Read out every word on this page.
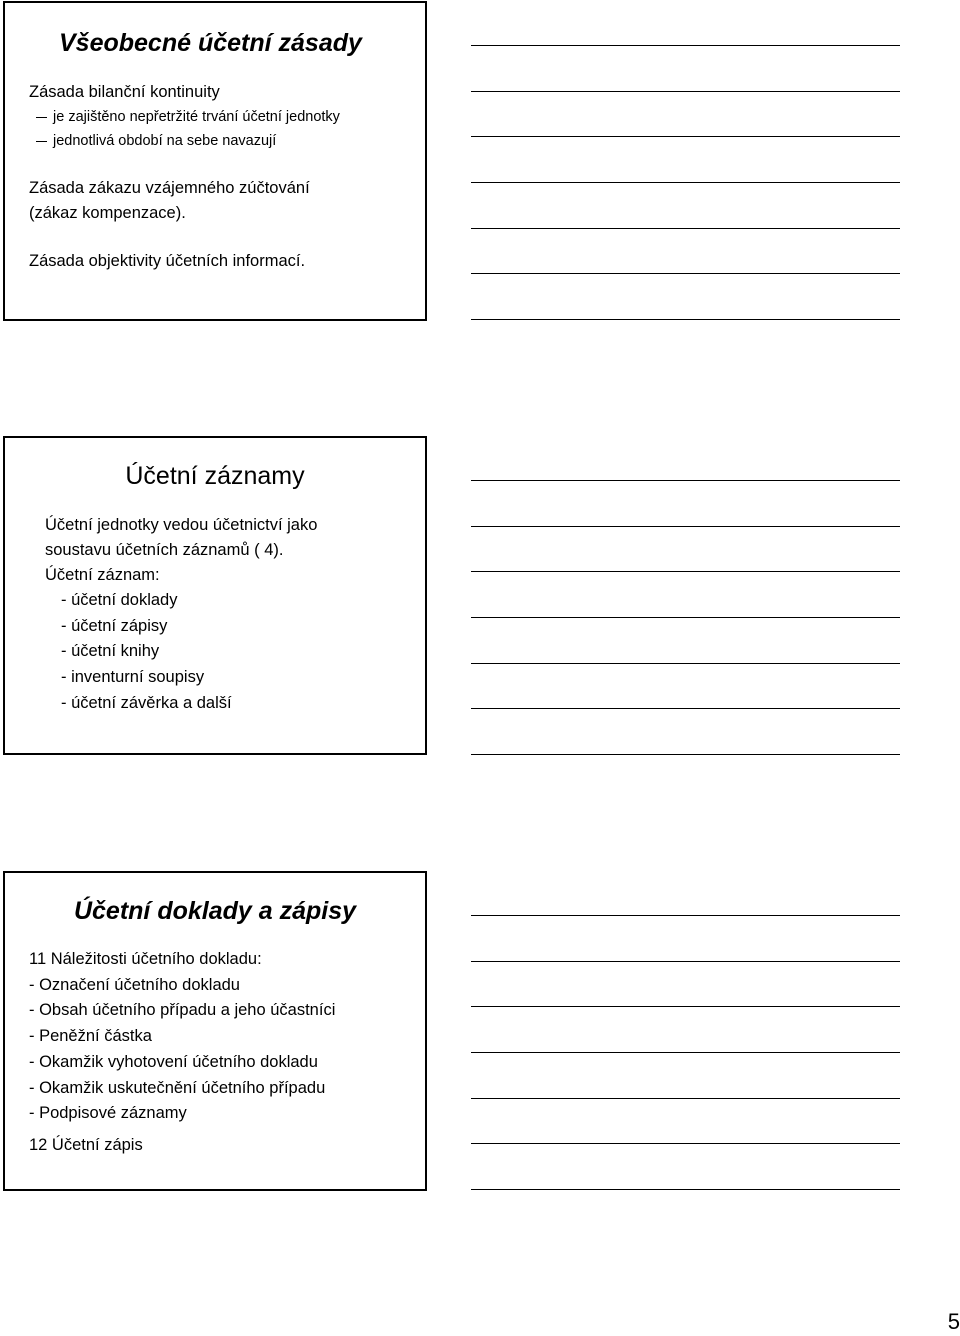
Všeobecné účetní zásady
Zásada bilanční kontinuity
je zajištěno nepřetržité trvání účetní jednotky
jednotlivá období na sebe navazují
Zásada zákazu vzájemného zúčtování
(zákaz kompenzace).
Zásada objektivity účetních informací.
Účetní záznamy
Účetní jednotky vedou účetnictví jako
soustavu účetních záznamů ( 4).
Účetní záznam:
- účetní doklady
- účetní zápisy
- účetní knihy
- inventurní soupisy
- účetní závěrka a další
Účetní doklady a zápisy
11 Náležitosti účetního dokladu:
- Označení účetního dokladu
- Obsah účetního případu a jeho účastníci
- Peněžní částka
- Okamžik vyhotovení účetního dokladu
- Okamžik uskutečnění účetního případu
- Podpisové záznamy
12 Účetní zápis
5
